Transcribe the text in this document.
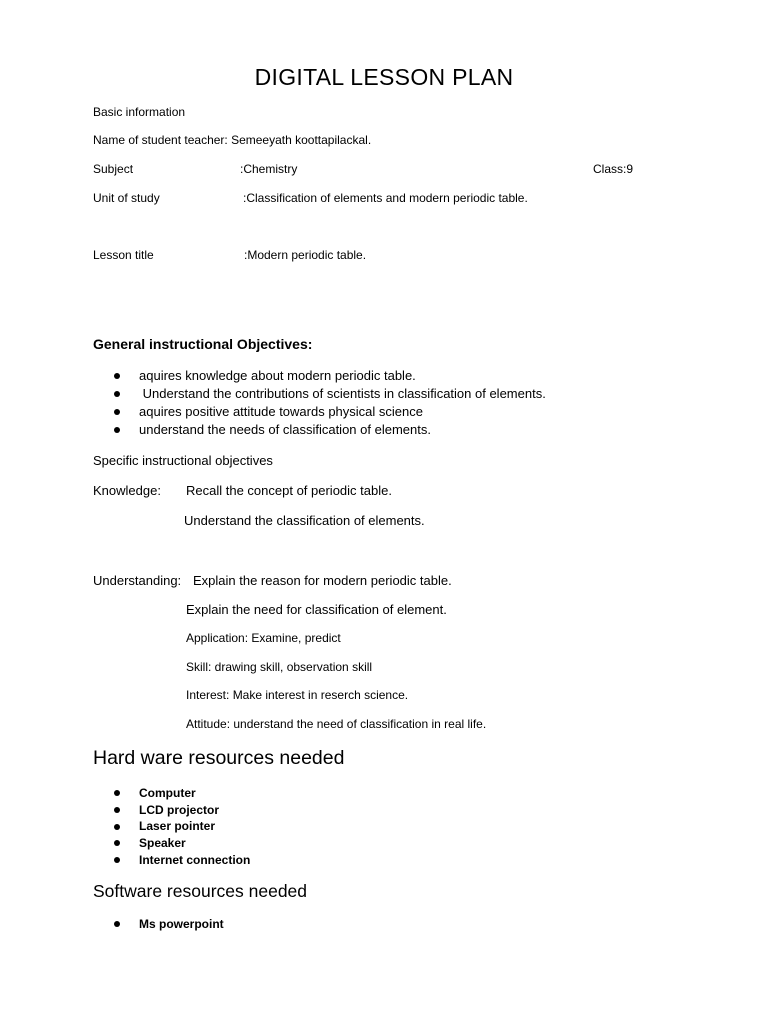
DIGITAL LESSON PLAN
Basic information
Name of student teacher: Semeeyath koottapilackal.
Subject	:Chemistry	Class:9
Unit of study	:Classification of elements and modern periodic table.
Lesson title	:Modern periodic table.
General instructional Objectives:
aquires knowledge about modern periodic table.
Understand the contributions of scientists in classification of elements.
aquires positive attitude towards physical science
understand the needs of classification of elements.
Specific instructional objectives
Knowledge: Recall the concept of periodic table.
Understand the classification of elements.
Understanding: Explain the reason for modern periodic table.
Explain the need for classification of element.
Application: Examine, predict
Skill: drawing skill, observation skill
Interest: Make interest in reserch science.
Attitude: understand the need of classification in real life.
Hard ware resources needed
Computer
LCD projector
Laser pointer
Speaker
Internet connection
Software resources needed
Ms powerpoint
